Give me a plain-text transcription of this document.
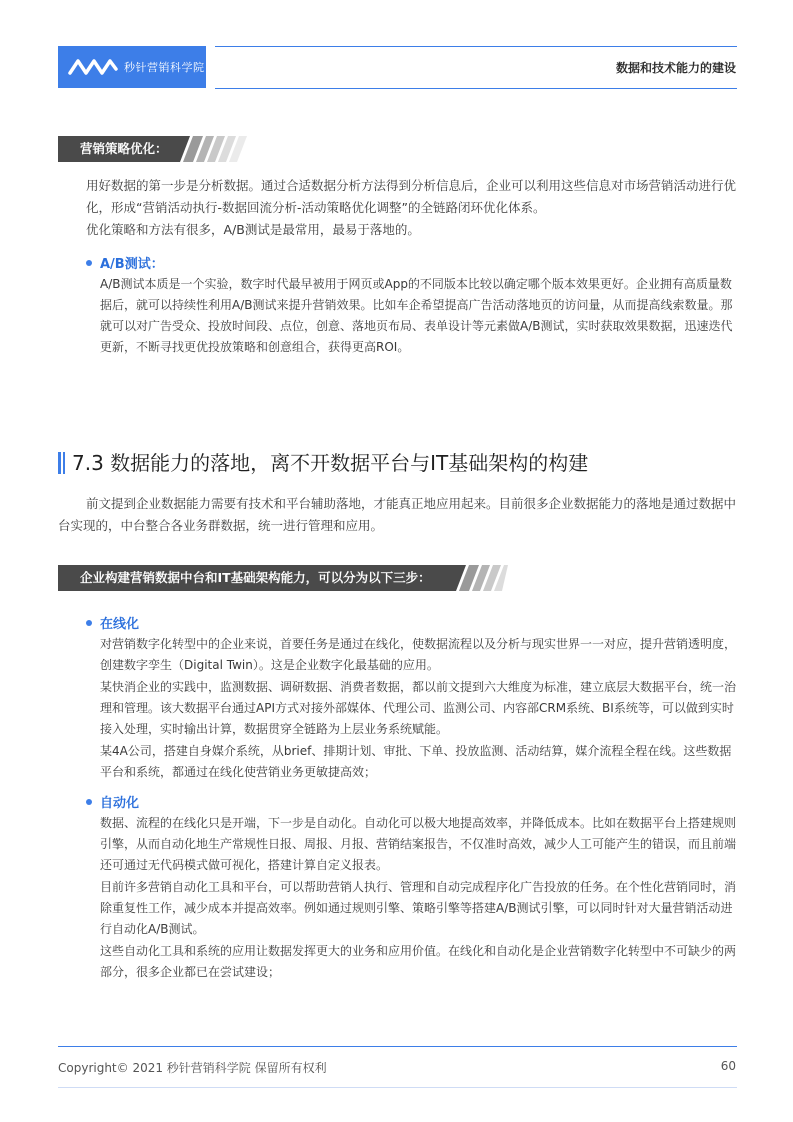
秒针营销科学院	数据和技术能力的建设
营销策略优化：
用好数据的第一步是分析数据。通过合适数据分析方法得到分析信息后，企业可以利用这些信息对市场营销活动进行优化，形成“营销活动执行-数据回流分析-活动策略优化调整”的全链路闭环优化体系。
优化策略和方法有很多，A/B测试是最常用，最易于落地的。
A/B测试：
A/B测试本质是一个实验，数字时代最早被用于网页或App的不同版本比较以确定哪个版本效果更好。企业拥有高质量数据后，就可以持续性利用A/B测试来提升营销效果。比如车企希望提高广告活动落地页的访问量，从而提高线索数量。那就可以对广告受众、投放时间段、点位，创意、落地页布局、表单设计等元素做A/B测试，实时获取效果数据，迅速迭代更新，不断寻找更优投放策略和创意组合，获得更高ROI。
7.3 数据能力的落地，离不开数据平台与IT基础架构的构建
前文提到企业数据能力需要有技术和平台辅助落地，才能真正地应用起来。目前很多企业数据能力的落地是通过数据中台实现的，中台整合各业务群数据，统一进行管理和应用。
企业构建营销数据中台和IT基础架构能力，可以分为以下三步：
在线化
对营销数字化转型中的企业来说，首要任务是通过在线化，使数据流程以及分析与现实世界一一对应，提升营销透明度，创建数字孪生（Digital Twin）。这是企业数字化最基础的应用。
某快消企业的实践中，监测数据、调研数据、消费者数据，都以前文提到六大维度为标准，建立底层大数据平台，统一治理和管理。该大数据平台通过API方式对接外部媒体、代理公司、监测公司、内容部CRM系统、BI系统等，可以做到实时接入处理，实时输出计算，数据贯穿全链路为上层业务系统赋能。
某4A公司，搭建自身媒介系统，从brief、排期计划、审批、下单、投放监测、活动结算，媒介流程全程在线。这些数据平台和系统，都通过在线化使营销业务更敏捷高效；
自动化
数据、流程的在线化只是开端，下一步是自动化。自动化可以极大地提高效率，并降低成本。比如在数据平台上搭建规则引擎，从而自动化地生产常规性日报、周报、月报、营销结案报告，不仅准时高效，减少人工可能产生的错误，而且前端还可通过无代码模式做可视化，搭建计算自定义报表。
目前许多营销自动化工具和平台，可以帮助营销人执行、管理和自动完成程序化广告投放的任务。在个性化营销同时，消除重复性工作，减少成本并提高效率。例如通过规则引擎、策略引擎等搭建A/B测试引擎，可以同时针对大量营销活动进行自动化A/B测试。
这些自动化工具和系统的应用让数据发挥更大的业务和应用价值。在线化和自动化是企业营销数字化转型中不可缺少的两部分，很多企业都已在尝试建设；
Copyright© 2021 秒针营销科学院 保留所有权利	60
